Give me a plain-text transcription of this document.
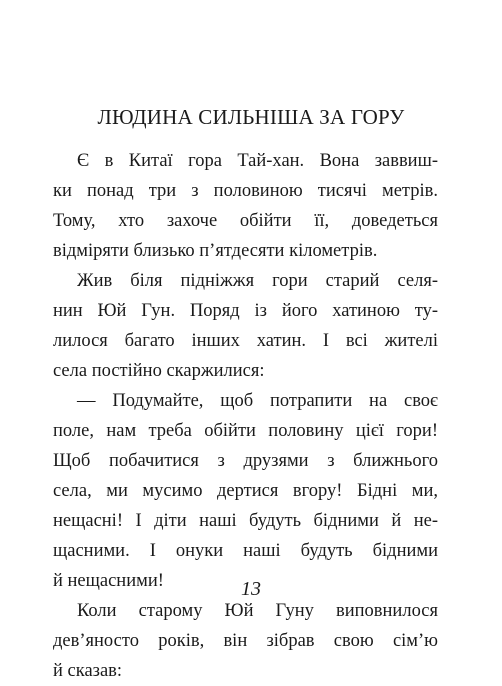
ЛЮДИНА СИЛЬНІША ЗА ГОРУ
Є в Китаї гора Тай-хан. Вона заввиш-
ки понад три з половиною тисячі метрів.
Тому, хто захоче обійти її, доведеться
відміряти близько п’ятдесяти кілометрів.
Жив біля підніжжя гори старий селя-
нин Юй Гун. Поряд із його хатиною ту-
лилося багато інших хатин. І всі жителі
села постійно скаржилися:
— Подумайте, щоб потрапити на своє
поле, нам треба обійти половину цієї гори!
Щоб побачитися з друзями з ближнього
села, ми мусимо дертися вгору! Бідні ми,
нещасні! І діти наші будуть бідними й не-
щасними. І онуки наші будуть бідними
й нещасними!
Коли старому Юй Гуну виповнилося
дев’яносто років, він зібрав свою сім’ю
й сказав:
13
